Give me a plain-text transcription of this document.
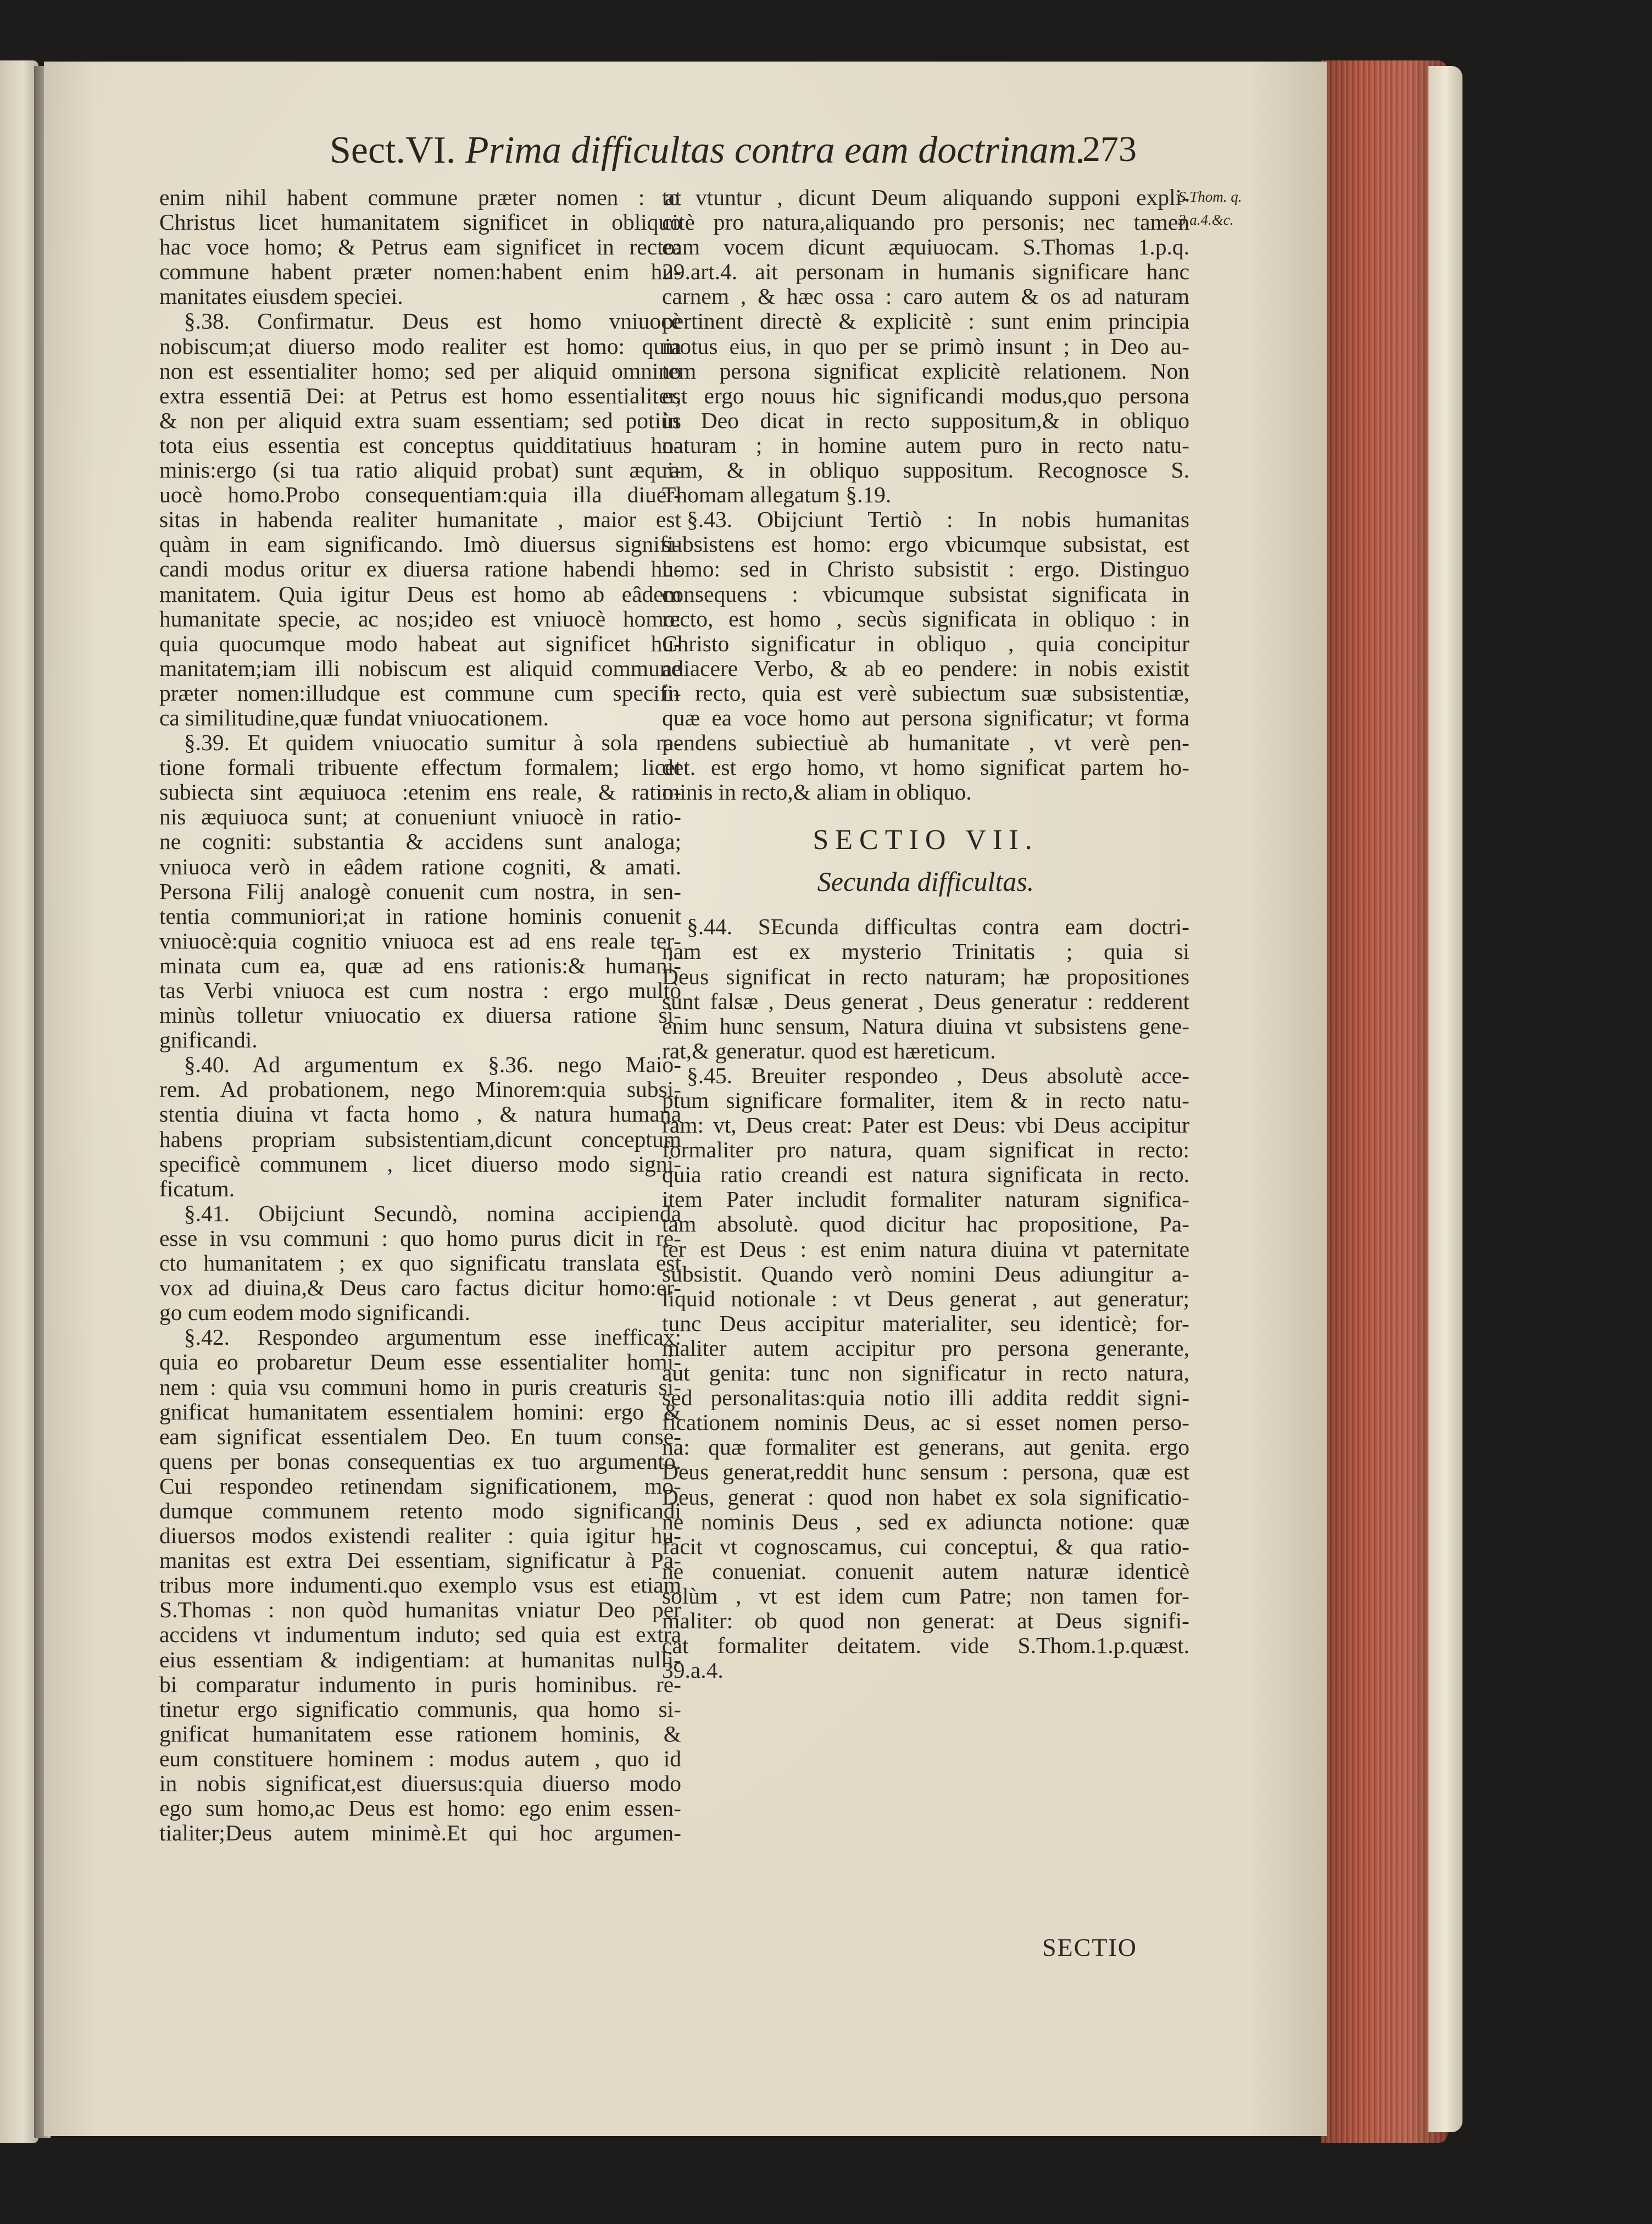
Sect.VI. Prima difficultas contra eam doctrinam.
273
enim nihil habent commune præter nomen : at
Christus licet humanitatem significet in obliquo
hac voce homo; & Petrus eam significet in recto:
commune habent præter nomen:habent enim hu-
manitates eiusdem speciei.
§.38. Confirmatur. Deus est homo vniuocè
nobiscum;at diuerso modo realiter est homo: quia
non est essentialiter homo; sed per aliquid omnino
extra essentiā Dei: at Petrus est homo essentialiter,
& non per aliquid extra suam essentiam; sed potiùs
tota eius essentia est conceptus quidditatiuus ho-
minis:ergo (si tua ratio aliquid probat) sunt æqui-
uocè homo.Probo consequentiam:quia illa diuer-
sitas in habenda realiter humanitate , maior est
quàm in eam significando. Imò diuersus signifi-
candi modus oritur ex diuersa ratione habendi hu-
manitatem. Quia igitur Deus est homo ab eâdem
humanitate specie, ac nos;ideo est vniuocè homo:
quia quocumque modo habeat aut significet hu-
manitatem;iam illi nobiscum est aliquid commune
præter nomen:illudque est commune cum specifi-
ca similitudine,quæ fundat vniuocationem.
§.39. Et quidem vniuocatio sumitur à sola ra-
tione formali tribuente effectum formalem; licet
subiecta sint æquiuoca :etenim ens reale, & ratio-
nis æquiuoca sunt; at conueniunt vniuocè in ratio-
ne cogniti: substantia & accidens sunt analoga;
vniuoca verò in eâdem ratione cogniti, & amati.
Persona Filij analogè conuenit cum nostra, in sen-
tentia communiori;at in ratione hominis conuenit
vniuocè:quia cognitio vniuoca est ad ens reale ter-
minata cum ea, quæ ad ens rationis:& humani-
tas Verbi vniuoca est cum nostra : ergo multò
minùs tolletur vniuocatio ex diuersa ratione si-
gnificandi.
§.40. Ad argumentum ex §.36. nego Maio-
rem. Ad probationem, nego Minorem:quia subsi-
stentia diuina vt facta homo , & natura humana
habens propriam subsistentiam,dicunt conceptum
specificè communem , licet diuerso modo signi-
ficatum.
§.41. Obijciunt Secundò, nomina accipienda
esse in vsu communi : quo homo purus dicit in re-
cto humanitatem ; ex quo significatu translata est
vox ad diuina,& Deus caro factus dicitur homo:er-
go cum eodem modo significandi.
§.42. Respondeo argumentum esse inefficax:
quia eo probaretur Deum esse essentialiter homi-
nem : quia vsu communi homo in puris creaturis si-
gnificat humanitatem essentialem homini: ergo &
eam significat essentialem Deo. En tuum conse-
quens per bonas consequentias ex tuo argumento.
Cui respondeo retinendam significationem, mo-
dumque communem retento modo significandi
diuersos modos existendi realiter : quia igitur hu-
manitas est extra Dei essentiam, significatur à Pa-
tribus more indumenti.quo exemplo vsus est etiam
S.Thomas : non quòd humanitas vniatur Deo per
accidens vt indumentum induto; sed quia est extra
eius essentiam & indigentiam: at humanitas nulli-
bi comparatur indumento in puris hominibus. re-
tinetur ergo significatio communis, qua homo si-
gnificat humanitatem esse rationem hominis, &
eum constituere hominem : modus autem , quo id
in nobis significat,est diuersus:quia diuerso modo
ego sum homo,ac Deus est homo: ego enim essen-
tialiter;Deus autem minimè.Et qui hoc argumen-
to vtuntur , dicunt Deum aliquando supponi expli-
citè pro natura,aliquando pro personis; nec tamen
eam vocem dicunt æquiuocam. S.Thomas 1.p.q.
29.art.4. ait personam in humanis significare hanc
carnem , & hæc ossa : caro autem & os ad naturam
pertinent directè & explicitè : sunt enim principia
motus eius, in quo per se primò insunt ; in Deo au-
tem persona significat explicitè relationem. Non
est ergo nouus hic significandi modus,quo persona
in Deo dicat in recto suppositum,& in obliquo
naturam ; in homine autem puro in recto natu-
ram, & in obliquo suppositum. Recognosce S.
Thomam allegatum §.19.
§.43. Obijciunt Tertiò : In nobis humanitas
subsistens est homo: ergo vbicumque subsistat, est
homo: sed in Christo subsistit : ergo. Distinguo
consequens : vbicumque subsistat significata in
recto, est homo , secùs significata in obliquo : in
Christo significatur in obliquo , quia concipitur
adiacere Verbo, & ab eo pendere: in nobis existit
in recto, quia est verè subiectum suæ subsistentiæ,
quæ ea voce homo aut persona significatur; vt forma
pendens subiectiuè ab humanitate , vt verè pen-
det. est ergo homo, vt homo significat partem ho-
minis in recto,& aliam in obliquo.
SECTIO VII.
Secunda difficultas.
§.44. SEcunda difficultas contra eam doctri-
nam est ex mysterio Trinitatis ; quia si
Deus significat in recto naturam; hæ propositiones
sunt falsæ , Deus generat , Deus generatur : redderent
enim hunc sensum, Natura diuina vt subsistens gene-
rat,& generatur. quod est hæreticum.
§.45. Breuiter respondeo , Deus absolutè acce-
ptum significare formaliter, item & in recto natu-
ram: vt, Deus creat: Pater est Deus: vbi Deus accipitur
formaliter pro natura, quam significat in recto:
quia ratio creandi est natura significata in recto.
item Pater includit formaliter naturam significa-
tam absolutè. quod dicitur hac propositione, Pa-
ter est Deus : est enim natura diuina vt paternitate
subsistit. Quando verò nomini Deus adiungitur a-
liquid notionale : vt Deus generat , aut generatur;
tunc Deus accipitur materialiter, seu identicè; for-
maliter autem accipitur pro persona generante,
aut genita: tunc non significatur in recto natura,
sed personalitas:quia notio illi addita reddit signi-
ficationem nominis Deus, ac si esset nomen perso-
na: quæ formaliter est generans, aut genita. ergo
Deus generat,reddit hunc sensum : persona, quæ est
Deus, generat : quod non habet ex sola significatio-
ne nominis Deus , sed ex adiuncta notione: quæ
facit vt cognoscamus, cui conceptui, & qua ratio-
ne conueniat. conuenit autem naturæ identicè
solùm , vt est idem cum Patre; non tamen for-
maliter: ob quod non generat: at Deus signifi-
cat formaliter deitatem. vide S.Thom.1.p.quæst.
39.a.4.
S.Thom. q.
3.a.4.&c.
SECTIO
